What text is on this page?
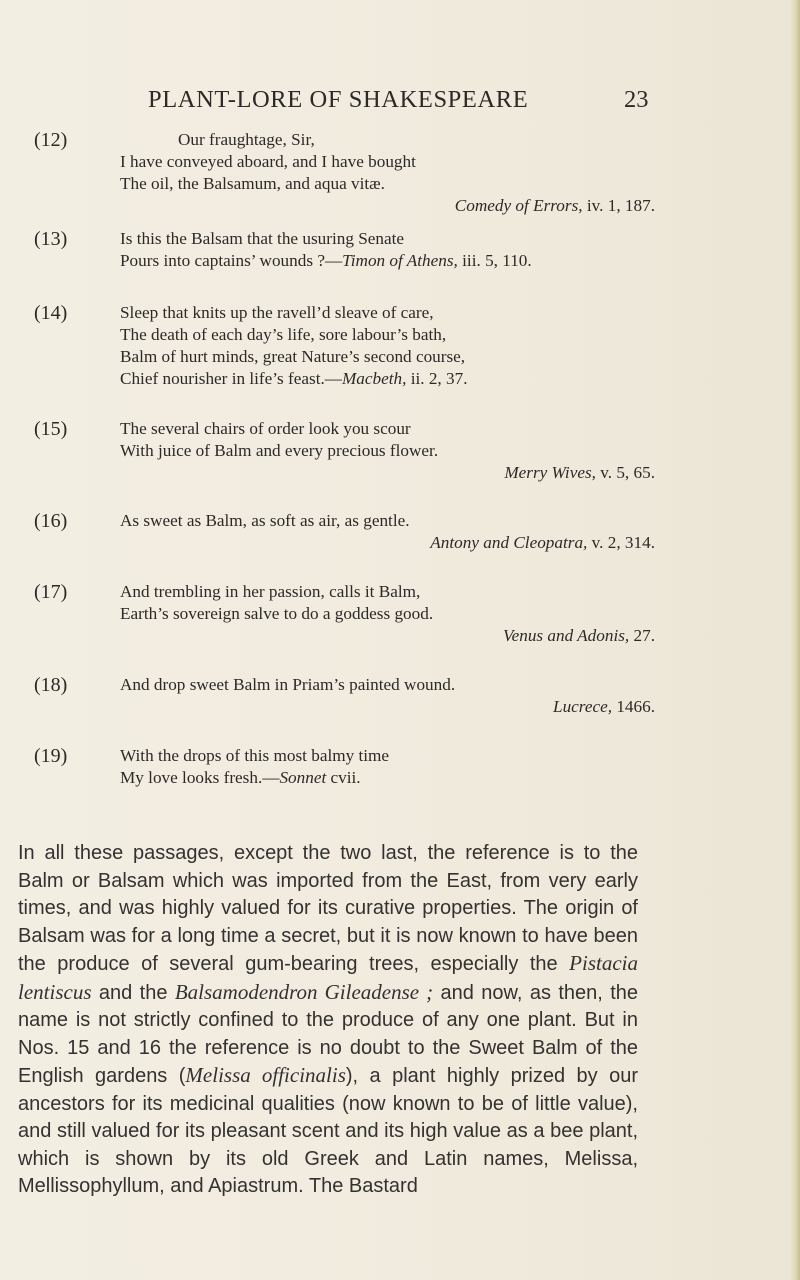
PLANT-LORE OF SHAKESPEARE	23
(12)	Our fraughtage, Sir,
I have conveyed aboard, and I have bought
The oil, the Balsamum, and aqua vitæ.
Comedy of Errors, iv. 1, 187.
(13)	Is this the Balsam that the usuring Senate
Pours into captains’ wounds ?—Timon of Athens, iii. 5, 110.
(14)	Sleep that knits up the ravell’d sleave of care,
The death of each day’s life, sore labour’s bath,
Balm of hurt minds, great Nature’s second course,
Chief nourisher in life’s feast.—Macbeth, ii. 2, 37.
(15)	The several chairs of order look you scour
With juice of Balm and every precious flower.
Merry Wives, v. 5, 65.
(16)	As sweet as Balm, as soft as air, as gentle.
Antony and Cleopatra, v. 2, 314.
(17)	And trembling in her passion, calls it Balm,
Earth’s sovereign salve to do a goddess good.
Venus and Adonis, 27.
(18)	And drop sweet Balm in Priam’s painted wound.
Lucrece, 1466.
(19)	With the drops of this most balmy time
My love looks fresh.—Sonnet cvii.
In all these passages, except the two last, the reference is to the Balm or Balsam which was imported from the East, from very early times, and was highly valued for its curative properties. The origin of Balsam was for a long time a secret, but it is now known to have been the produce of several gum-bearing trees, especially the Pistacia lentiscus and the Balsamodendron Gileadense ; and now, as then, the name is not strictly confined to the produce of any one plant. But in Nos. 15 and 16 the reference is no doubt to the Sweet Balm of the English gardens (Melissa officinalis), a plant highly prized by our ancestors for its medicinal qualities (now known to be of little value), and still valued for its pleasant scent and its high value as a bee plant, which is shown by its old Greek and Latin names, Melissa, Mellissophyllum, and Apiastrum. The Bastard
